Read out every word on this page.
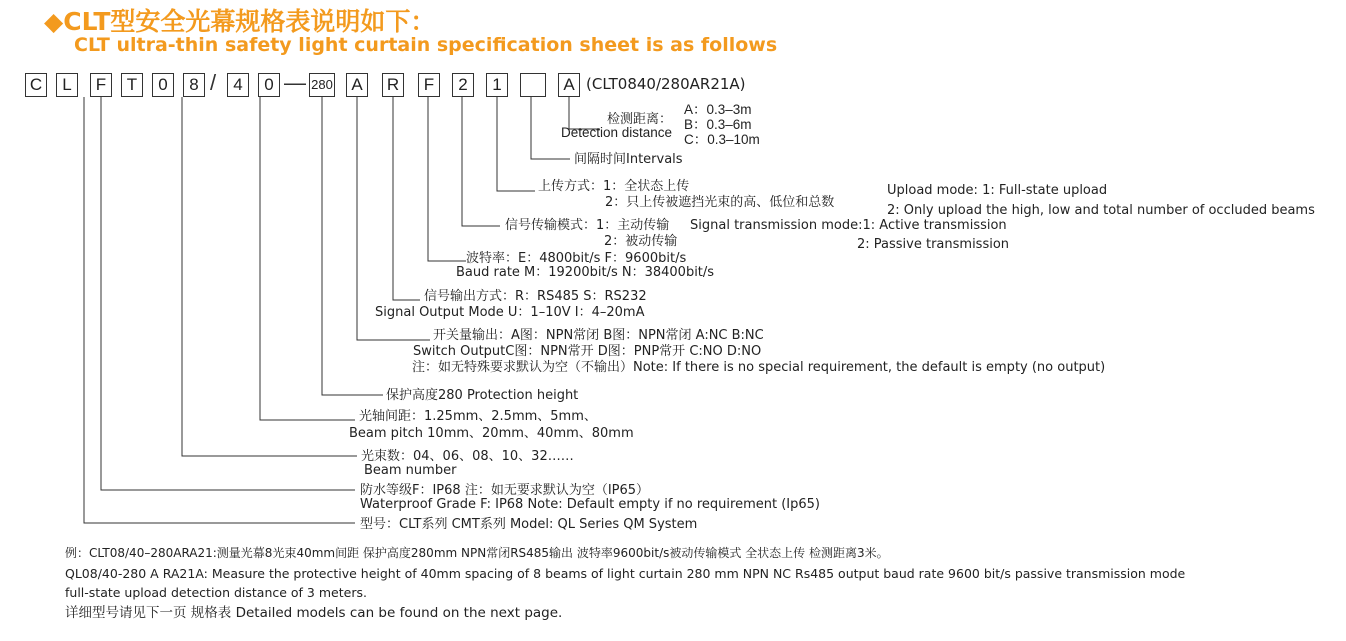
◆CLT型安全光幕规格表说明如下：
CLT ultra-thin safety light curtain specification sheet is as follows
C	L	F	T	0	8 /	4	0 — 280	A	R	F	2	1	A (CLT0840/280AR21A)
检测距离：
Detection distance
A：0.3–3m
B：0.3–6m
C：0.3–10m
间隔时间Intervals
上传方式：1：全状态上传
2：只上传被遮挡光束的高、低位和总数
Upload mode: 1: Full-state upload
2: Only upload the high, low and total number of occluded beams
信号传输模式：1：主动传输 Signal transmission mode:1: Active transmission
2：被动传输	2: Passive transmission
波特率：E：4800bit/s F：9600bit/s
Baud rate M：19200bit/s N：38400bit/s
信号输出方式：R：RS485 S：RS232
Signal Output Mode U：1–10V I：4–20mA
开关量输出：A图：NPN常闭 B图：NPN常闭 A:NC B:NC
Switch OutputC图：NPN常开 D图：PNP常开 C:NO D:NO
注：如无特殊要求默认为空（不输出）Note: If there is no special requirement, the default is empty (no output)
保护高度280 Protection height
光轴间距：1.25mm、2.5mm、5mm、
Beam pitch 10mm、20mm、40mm、80mm
光束数：04、06、08、10、32……
Beam number
防水等级F：IP68 注：如无要求默认为空（IP65）
Waterproof Grade F: IP68 Note: Default empty if no requirement (Ip65)
型号：CLT系列 CMT系列 Model: QL Series QM System
例：CLT08/40–280ARA21:测量光幕8光束40mm间距 保护高度280mm NPN常闭RS485输出 波特率9600bit/s被动传输模式 全状态上传 检测距离3米。
QL08/40-280 A RA21A: Measure the protective height of 40mm spacing of 8 beams of light curtain 280 mm NPN NC Rs485 output baud rate 9600 bit/s passive transmission mode
full-state upload detection distance of 3 meters.
详细型号请见下一页 规格表 Detailed models can be found on the next page.
